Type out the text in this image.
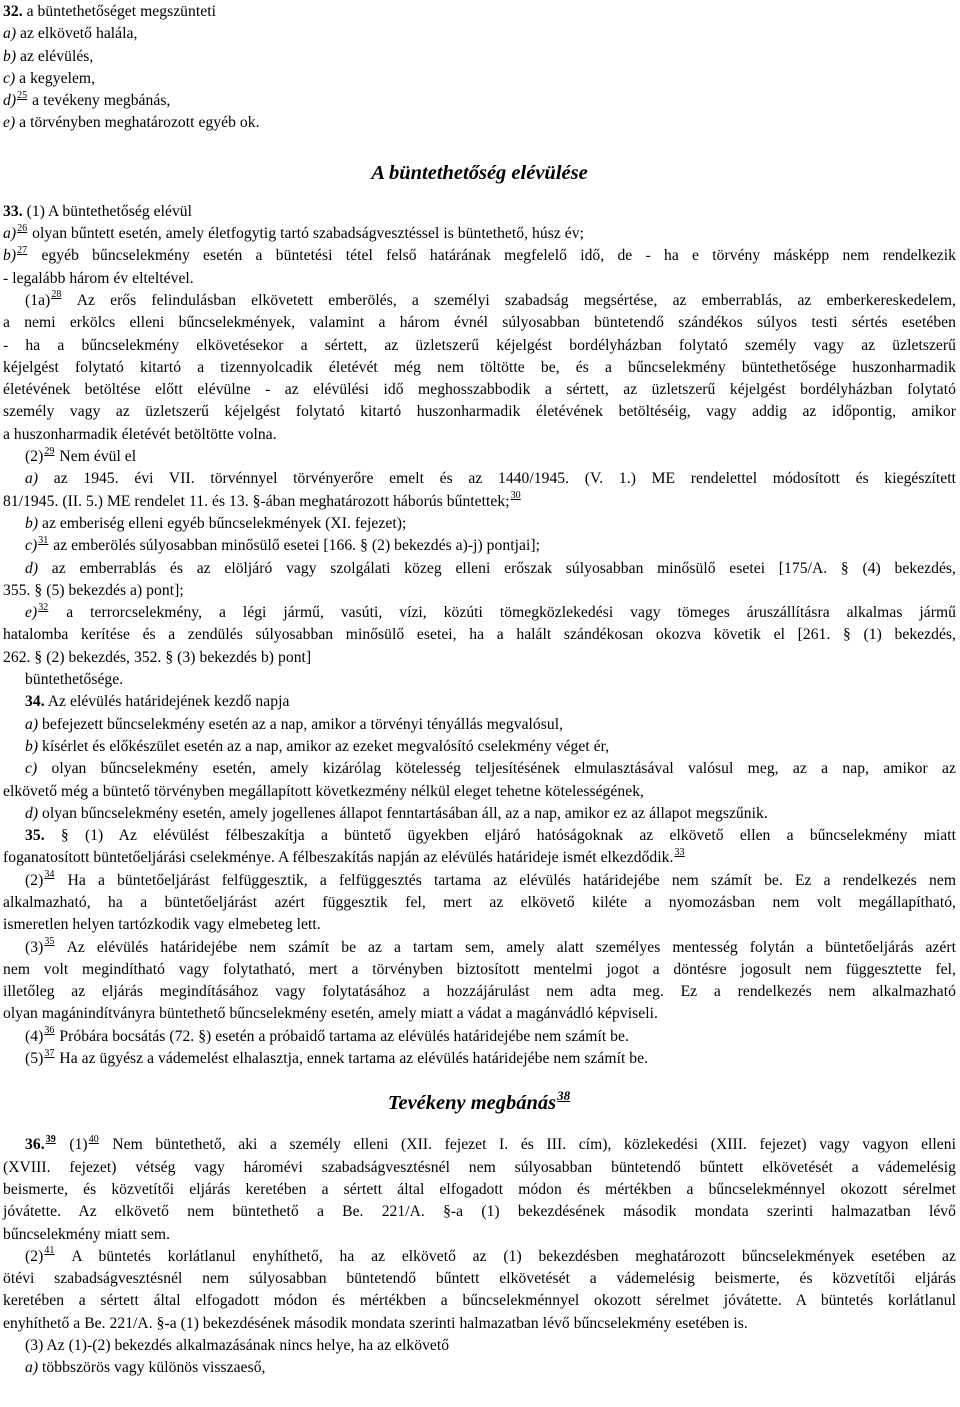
32. a büntethetőséget megszünteti
a) az elkövető halála,
b) az elévülés,
c) a kegyelem,
d)$^{25}$ a tevékeny megbánás,
e) a törvényben meghatározott egyéb ok.
A büntethetőség elévülése
33. (1) A büntethetőség elévül
a)$^{26}$ olyan bűntett esetén, amely életfogytig tartó szabadságvesztéssel is büntethető, húsz év;
b)$^{27}$ egyéb bűncselekmény esetén a büntetési tétel felső határának megfelelő idő, de - ha e törvény másképp nem rendelkezik
- legalább három év elteltével.
(1a)$^{28}$ Az erős felindulásban elkövetett emberölés, a személyi szabadság megsértése, az emberrablás, az emberkereskedelem,
a nemi erkölcs elleni bűncselekmények, valamint a három évnél súlyosabban büntetendő szándékos súlyos testi sértés esetében
- ha a bűncselekmény elkövetésekor a sértett, az üzletszerű kéjelgést bordélyházban folytató személy vagy az üzletszerű
kéjelgést folytató kitartó a tizennyolcadik életévét még nem töltötte be, és a bűncselekmény büntethetősége huszonharmadik
életévének betöltése előtt elévülne - az elévülési idő meghosszabbodik a sértett, az üzletszerű kéjelgést bordélyházban folytató
személy vagy az üzletszerű kéjelgést folytató kitartó huszonharmadik életévének betöltéséig, vagy addig az időpontig, amikor
a huszonharmadik életévét betöltötte volna.
(2)$^{29}$ Nem évül el
a) az 1945. évi VII. törvénnyel törvényerőre emelt és az 1440/1945. (V. 1.) ME rendelettel módosított és kiegészített
81/1945. (II. 5.) ME rendelet 11. és 13. §-ában meghatározott háborús bűntettek;$^{30}$
b) az emberiség elleni egyéb bűncselekmények (XI. fejezet);
c)$^{31}$ az emberölés súlyosabban minősülő esetei [166. § (2) bekezdés a)-j) pontjai];
d) az emberrablás és az elöljáró vagy szolgálati közeg elleni erőszak súlyosabban minősülő esetei [175/A. § (4) bekezdés,
355. § (5) bekezdés a) pont];
e)$^{32}$ a terrorcselekmény, a légi jármű, vasúti, vízi, közúti tömegközlekedési vagy tömeges áruszállításra alkalmas jármű
hatalomba kerítése és a zendülés súlyosabban minősülő esetei, ha a halált szándékosan okozva követik el [261. § (1) bekezdés,
262. § (2) bekezdés, 352. § (3) bekezdés b) pont]
büntethetősége.
34. Az elévülés határidejének kezdő napja
a) befejezett bűncselekmény esetén az a nap, amikor a törvényi tényállás megvalósul,
b) kísérlet és előkészület esetén az a nap, amikor az ezeket megvalósító cselekmény véget ér,
c) olyan bűncselekmény esetén, amely kizárólag kötelesség teljesítésének elmulasztásával valósul meg, az a nap, amikor az
elkövető még a büntető törvényben megállapított következmény nélkül eleget tehetne kötelességének,
d) olyan bűncselekmény esetén, amely jogellenes állapot fenntartásában áll, az a nap, amikor ez az állapot megszűnik.
35. § (1) Az elévülést félbeszakítja a büntető ügyekben eljáró hatóságoknak az elkövető ellen a bűncselekmény miatt
foganatosított büntetőeljárási cselekménye. A félbeszakítás napján az elévülés határideje ismét elkezdődik.$^{33}$
(2)$^{34}$ Ha a büntetőeljárást felfüggesztik, a felfüggesztés tartama az elévülés határidejébe nem számít be. Ez a rendelkezés nem
alkalmazható, ha a büntetőeljárást azért függesztik fel, mert az elkövető kiléte a nyomozásban nem volt megállapítható,
ismeretlen helyen tartózkodik vagy elmebeteg lett.
(3)$^{35}$ Az elévülés határidejébe nem számít be az a tartam sem, amely alatt személyes mentesség folytán a büntetőeljárás azért
nem volt megindítható vagy folytatható, mert a törvényben biztosított mentelmi jogot a döntésre jogosult nem függesztette fel,
illetőleg az eljárás megindításához vagy folytatásához a hozzájárulást nem adta meg. Ez a rendelkezés nem alkalmazható
olyan magánindítványra büntethető bűncselekmény esetén, amely miatt a vádat a magánvádló képviseli.
(4)$^{36}$ Próbára bocsátás (72. §) esetén a próbaidő tartama az elévülés határidejébe nem számít be.
(5)$^{37}$ Ha az ügyész a vádemelést elhalasztja, ennek tartama az elévülés határidejébe nem számít be.
Tevékeny megbánás$^{38}$
36.39 (1)$^{40}$ Nem büntethető, aki a személy elleni (XII. fejezet I. és III. cím), közlekedési (XIII. fejezet) vagy vagyon elleni
(XVIII. fejezet) vétség vagy háromévi szabadságvesztésnél nem súlyosabban büntetendő bűntett elkövetését a vádemelésig
beismerte, és közvetítői eljárás keretében a sértett által elfogadott módon és mértékben a bűncselekménnyel okozott sérelmet
jóvátette. Az elkövető nem büntethető a Be. 221/A. §-a (1) bekezdésének második mondata szerinti halmazatban lévő
bűncselekmény miatt sem.
(2)$^{41}$ A büntetés korlátlanul enyhíthető, ha az elkövető az (1) bekezdésben meghatározott bűncselekmények esetében az
ötévi szabadságvesztésnél nem súlyosabban büntetendő bűntett elkövetését a vádemelésig beismerte, és közvetítői eljárás
keretében a sértett által elfogadott módon és mértékben a bűncselekménnyel okozott sérelmet jóvátette. A büntetés korlátlanul
enyhíthető a Be. 221/A. §-a (1) bekezdésének második mondata szerinti halmazatban lévő bűncselekmény esetében is.
(3) Az (1)-(2) bekezdés alkalmazásának nincs helye, ha az elkövető
a) többszörös vagy különös visszaeső,
